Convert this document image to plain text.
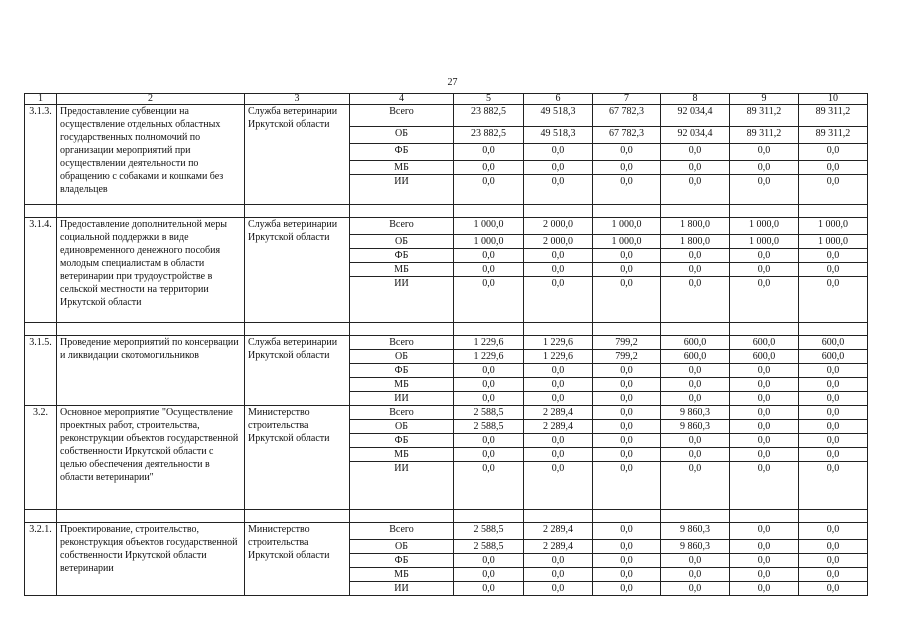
27
1	2	3	4	5	6	7	8	9	10
3.1.3.	Предоставление субвенции на осуществление отдельных областных государственных полномочий по организации мероприятий при осуществлении деятельности по обращению с собаками и кошками без владельцев	Служба ветеринарии Иркутской области	Всего	23 882,5	49 518,3	67 782,3	92 034,4	89 311,2	89 311,2
			ОБ	23 882,5	49 518,3	67 782,3	92 034,4	89 311,2	89 311,2
			ФБ	0,0	0,0	0,0	0,0	0,0	0,0
			МБ	0,0	0,0	0,0	0,0	0,0	0,0
			ИИ	0,0	0,0	0,0	0,0	0,0	0,0

3.1.4.	Предоставление дополнительной меры социальной поддержки в виде единовременного денежного пособия молодым специалистам в области ветеринарии при трудоустройстве в сельской местности на территории Иркутской области	Служба ветеринарии Иркутской области	Всего	1 000,0	2 000,0	1 000,0	1 800,0	1 000,0	1 000,0
			ОБ	1 000,0	2 000,0	1 000,0	1 800,0	1 000,0	1 000,0
			ФБ	0,0	0,0	0,0	0,0	0,0	0,0
			МБ	0,0	0,0	0,0	0,0	0,0	0,0
			ИИ	0,0	0,0	0,0	0,0	0,0	0,0

3.1.5.	Проведение мероприятий по консервации и ликвидации скотомогильников	Служба ветеринарии Иркутской области	Всего	1 229,6	1 229,6	799,2	600,0	600,0	600,0
			ОБ	1 229,6	1 229,6	799,2	600,0	600,0	600,0
			ФБ	0,0	0,0	0,0	0,0	0,0	0,0
			МБ	0,0	0,0	0,0	0,0	0,0	0,0
			ИИ	0,0	0,0	0,0	0,0	0,0	0,0
3.2.	Основное мероприятие "Осуществление проектных работ, строительства, реконструкции объектов государственной собственности Иркутской области с целью обеспечения деятельности в области ветеринарии"	Министерство строительства Иркутской области	Всего	2 588,5	2 289,4	0,0	9 860,3	0,0	0,0
			ОБ	2 588,5	2 289,4	0,0	9 860,3	0,0	0,0
			ФБ	0,0	0,0	0,0	0,0	0,0	0,0
			МБ	0,0	0,0	0,0	0,0	0,0	0,0
			ИИ	0,0	0,0	0,0	0,0	0,0	0,0

3.2.1.	Проектирование, строительство, реконструкция объектов государственной собственности Иркутской области ветеринарии	Министерство строительства Иркутской области	Всего	2 588,5	2 289,4	0,0	9 860,3	0,0	0,0
			ОБ	2 588,5	2 289,4	0,0	9 860,3	0,0	0,0
			ФБ	0,0	0,0	0,0	0,0	0,0	0,0
			МБ	0,0	0,0	0,0	0,0	0,0	0,0
			ИИ	0,0	0,0	0,0	0,0	0,0	0,0
